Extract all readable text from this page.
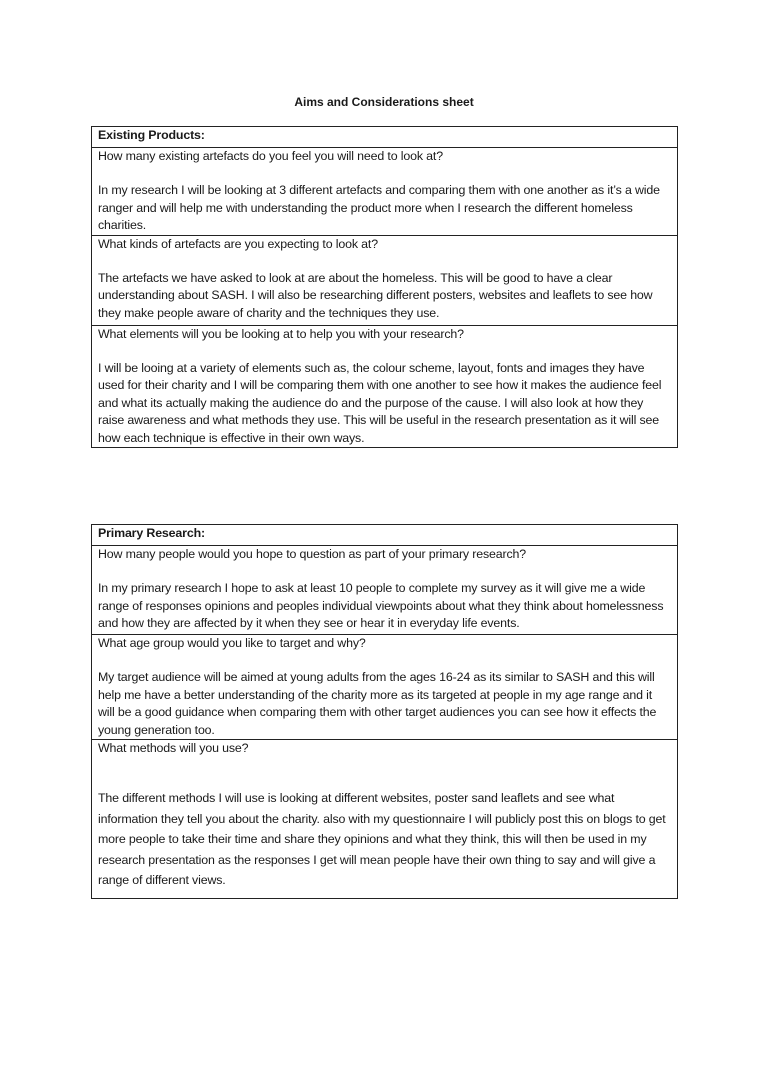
Aims and Considerations sheet
Existing Products:

How many existing artefacts do you feel you will need to look at?
In my research I will be looking at 3 different artefacts and comparing them with one another as it’s a wide ranger and will help me with understanding the product more when I research the different homeless charities.

What kinds of artefacts are you expecting to look at?
The artefacts we have asked to look at are about the homeless. This will be good to have a clear understanding about SASH. I will also be researching different posters, websites and leaflets to see how they make people aware of charity and the techniques they use.

What elements will you be looking at to help you with your research?
I will be looing at a variety of elements such as, the colour scheme, layout, fonts and images they have used for their charity and I will be comparing them with one another to see how it makes the audience feel and what its actually making the audience do and the purpose of the cause. I will also look at how they raise awareness and what methods they use. This will be useful in the research presentation as it will see how each technique is effective in their own ways.
Primary Research:

How many people would you hope to question as part of your primary research?
In my primary research I hope to ask at least 10 people to complete my survey as it will give me a wide range of responses opinions and peoples individual viewpoints about what they think about homelessness and how they are affected by it when they see or hear it in everyday life events.

What age group would you like to target and why?
My target audience will be aimed at young adults from the ages 16-24 as its similar to SASH and this will help me have a better understanding of the charity more as its targeted at people in my age range and it will be a good guidance when comparing them with other target audiences you can see how it effects the young generation too.

What methods will you use?
The different methods I will use is looking at different websites, poster sand leaflets and see what information they tell you about the charity. also with my questionnaire I will publicly post this on blogs to get more people to take their time and share they opinions and what they think, this will then be used in my research presentation as the responses I get will mean people have their own thing to say and will give a range of different views.
